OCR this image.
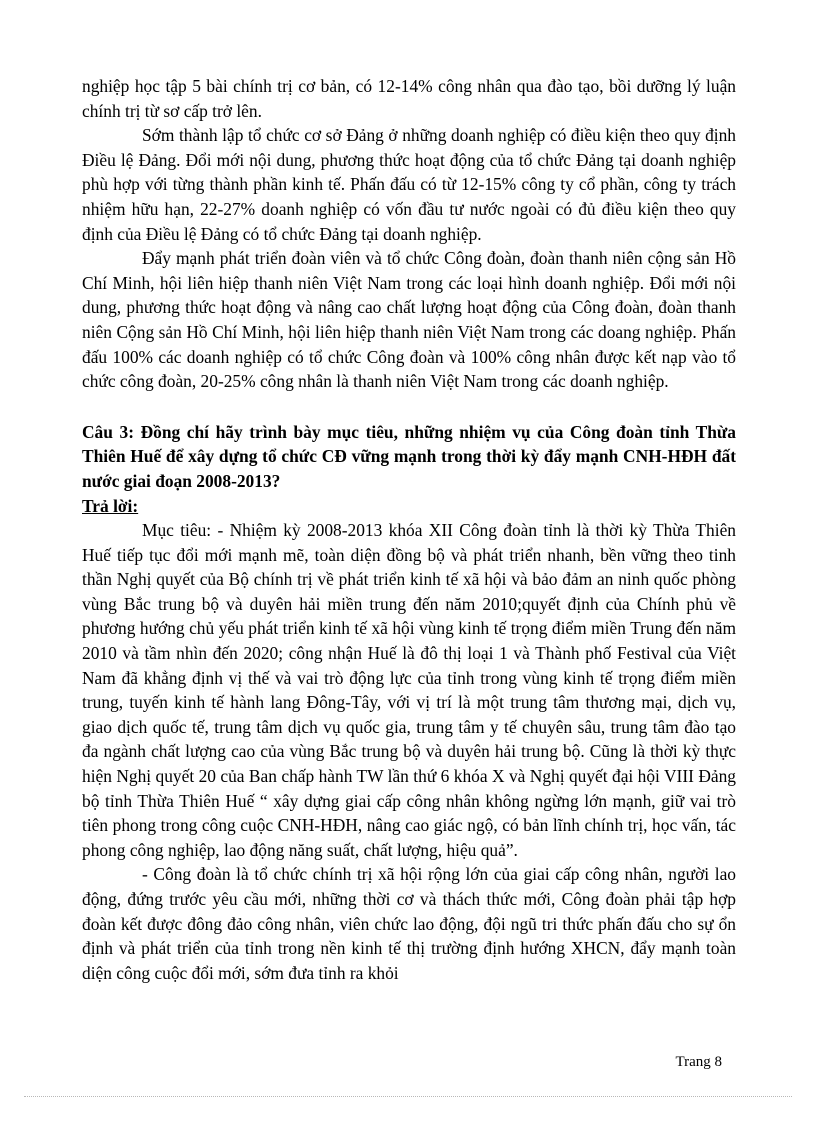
nghiệp học tập 5 bài chính trị cơ bản, có 12-14% công nhân qua đào tạo, bồi dưỡng lý luận chính trị từ sơ cấp trở lên.

Sớm thành lập tổ chức cơ sở Đảng ở những doanh nghiệp có điều kiện theo quy định Điều lệ Đảng. Đổi mới nội dung, phương thức hoạt động của tổ chức Đảng tại doanh nghiệp phù hợp với từng thành phần kinh tế. Phấn đấu có từ 12-15% công ty cổ phần, công ty trách nhiệm hữu hạn, 22-27% doanh nghiệp có vốn đầu tư nước ngoài có đủ điều kiện theo quy định của Điều lệ Đảng có tổ chức Đảng tại doanh nghiệp.

Đẩy mạnh phát triển đoàn viên và tổ chức Công đoàn, đoàn thanh niên cộng sản Hồ Chí Minh, hội liên hiệp thanh niên Việt Nam trong các loại hình doanh nghiệp. Đổi mới nội dung, phương thức hoạt động và nâng cao chất lượng hoạt động của Công đoàn, đoàn thanh niên Cộng sản Hồ Chí Minh, hội liên hiệp thanh niên Việt Nam trong các doang nghiệp. Phấn đấu 100% các doanh nghiệp có tổ chức Công đoàn và 100% công nhân được kết nạp vào tổ chức công đoàn, 20-25% công nhân là thanh niên Việt Nam trong các doanh nghiệp.

Câu 3: Đồng chí hãy trình bày mục tiêu, những nhiệm vụ của Công đoàn tỉnh Thừa Thiên Huế để xây dựng tổ chức CĐ vững mạnh trong thời kỳ đẩy mạnh CNH-HĐH đất nước giai đoạn 2008-2013?

Trả lời:

Mục tiêu: - Nhiệm kỳ 2008-2013 khóa XII Công đoàn tỉnh là thời kỳ Thừa Thiên Huế tiếp tục đổi mới mạnh mẽ, toàn diện đồng bộ và phát triển nhanh, bền vững theo tinh thần Nghị quyết của Bộ chính trị về phát triển kinh tế xã hội và bảo đảm an ninh quốc phòng vùng Bắc trung bộ và duyên hải miền trung đến năm 2010;quyết định của Chính phủ về phương hướng chủ yếu phát triển kinh tế xã hội vùng kinh tế trọng điểm miền Trung đến năm 2010 và tầm nhìn đến 2020; công nhận Huế là đô thị loại 1 và Thành phố Festival của Việt Nam đã khẳng định vị thế và vai trò động lực của tỉnh trong vùng kinh tế trọng điểm miền trung, tuyến kinh tế hành lang Đông-Tây, với vị trí là một trung tâm thương mại, dịch vụ, giao dịch quốc tế, trung tâm dịch vụ quốc gia, trung tâm y tế chuyên sâu, trung tâm đào tạo đa ngành chất lượng cao của vùng Bắc trung bộ và duyên hải trung bộ. Cũng là thời kỳ thực hiện Nghị quyết 20 của Ban chấp hành TW lần thứ 6 khóa X và Nghị quyết đại hội VIII Đảng bộ tỉnh Thừa Thiên Huế “ xây dựng giai cấp công nhân không ngừng lớn mạnh, giữ vai trò tiên phong trong công cuộc CNH-HĐH, nâng cao giác ngộ, có bản lĩnh chính trị, học vấn, tác phong công nghiệp, lao động năng suất, chất lượng, hiệu quả”.

- Công đoàn là tổ chức chính trị xã hội rộng lớn của giai cấp công nhân, người lao động, đứng trước yêu cầu mới, những thời cơ và thách thức mới, Công đoàn phải tập hợp đoàn kết được đông đảo công nhân, viên chức lao động, đội ngũ tri thức phấn đấu cho sự ổn định và phát triển của tỉnh trong nền kinh tế thị trường định hướng XHCN, đẩy mạnh toàn diện công cuộc đổi mới, sớm đưa tỉnh ra khỏi

Trang 8
